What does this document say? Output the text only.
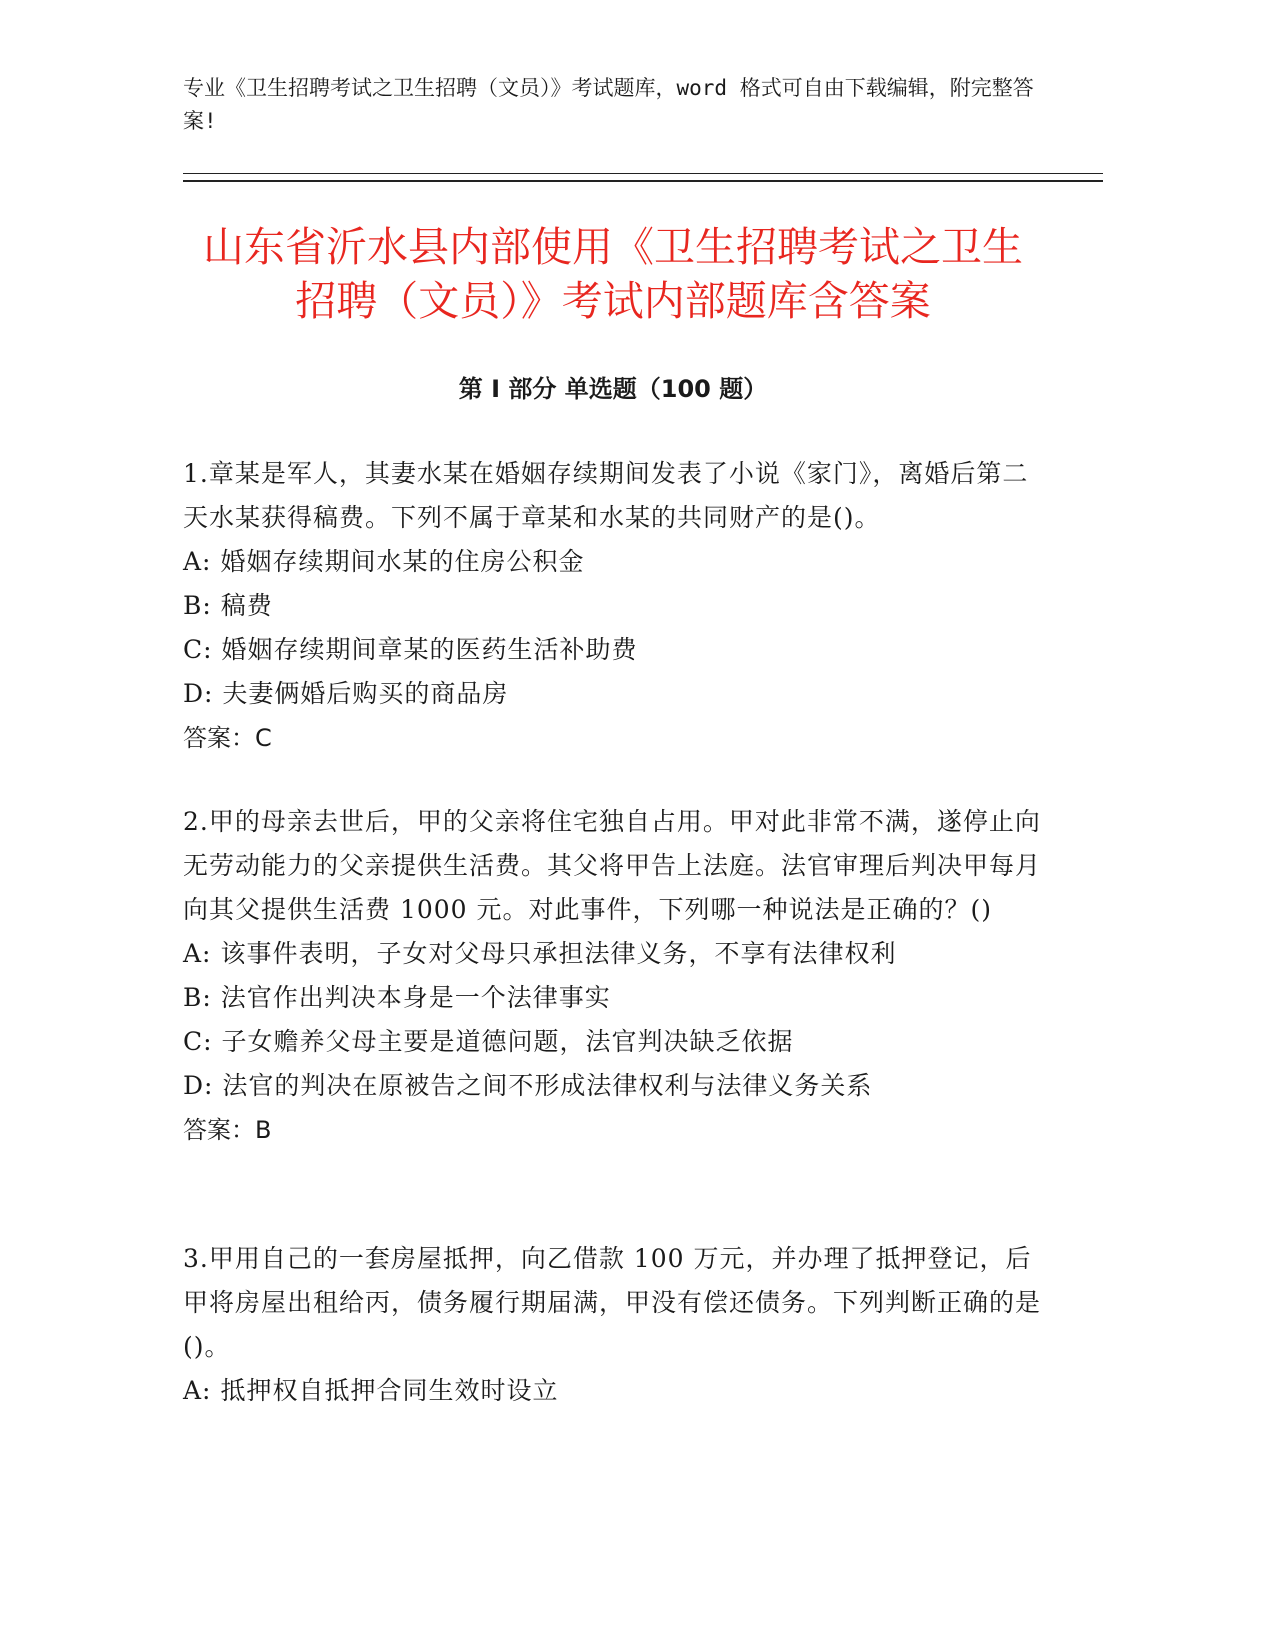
专业《卫生招聘考试之卫生招聘（文员）》考试题库，word 格式可自由下载编辑，附完整答案!
山东省沂水县内部使用《卫生招聘考试之卫生招聘（文员）》考试内部题库含答案
第 I 部分 单选题（100 题）
1.章某是军人，其妻水某在婚姻存续期间发表了小说《家门》，离婚后第二天水某获得稿费。下列不属于章某和水某的共同财产的是()。
A: 婚姻存续期间水某的住房公积金
B: 稿费
C: 婚姻存续期间章某的医药生活补助费
D: 夫妻俩婚后购买的商品房
答案：C
2.甲的母亲去世后，甲的父亲将住宅独自占用。甲对此非常不满，遂停止向无劳动能力的父亲提供生活费。其父将甲告上法庭。法官审理后判决甲每月向其父提供生活费 1000 元。对此事件，下列哪一种说法是正确的？()
A: 该事件表明，子女对父母只承担法律义务，不享有法律权利
B: 法官作出判决本身是一个法律事实
C: 子女赡养父母主要是道德问题，法官判决缺乏依据
D: 法官的判决在原被告之间不形成法律权利与法律义务关系
答案：B
3.甲用自己的一套房屋抵押，向乙借款 100 万元，并办理了抵押登记，后甲将房屋出租给丙，债务履行期届满，甲没有偿还债务。下列判断正确的是()。
A: 抵押权自抵押合同生效时设立
